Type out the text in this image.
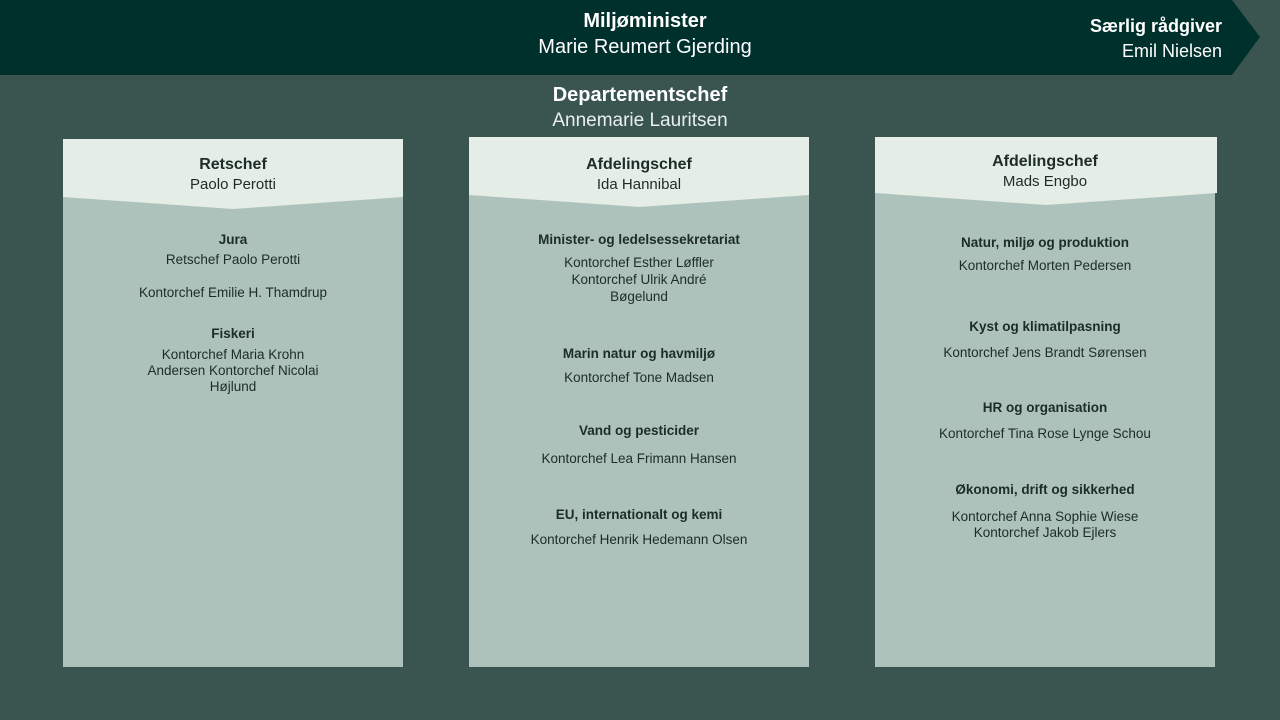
Miljøminister
Marie Reumert Gjerding
Særlig rådgiver
Emil Nielsen
Departementschef
Annemarie Lauritsen
Retschef
Paolo Perotti
Jura
Retschef Paolo Perotti
Kontorchef Emilie H. Thamdrup
Fiskeri
Kontorchef Maria Krohn
Andersen Kontorchef Nicolai
Højlund
Afdelingschef
Ida Hannibal
Minister- og ledelsessekretariat
Kontorchef Esther Løffler
Kontorchef Ulrik André
Bøgelund
Marin natur og havmiljø
Kontorchef Tone Madsen
Vand og pesticider
Kontorchef Lea Frimann Hansen
EU, internationalt og kemi
Kontorchef Henrik Hedemann Olsen
Afdelingschef
Mads Engbo
Natur, miljø og produktion
Kontorchef Morten Pedersen
Kyst og klimatilpasning
Kontorchef Jens Brandt Sørensen
HR og organisation
Kontorchef Tina Rose Lynge Schou
Økonomi, drift og sikkerhed
Kontorchef Anna Sophie Wiese
Kontorchef Jakob Ejlers
